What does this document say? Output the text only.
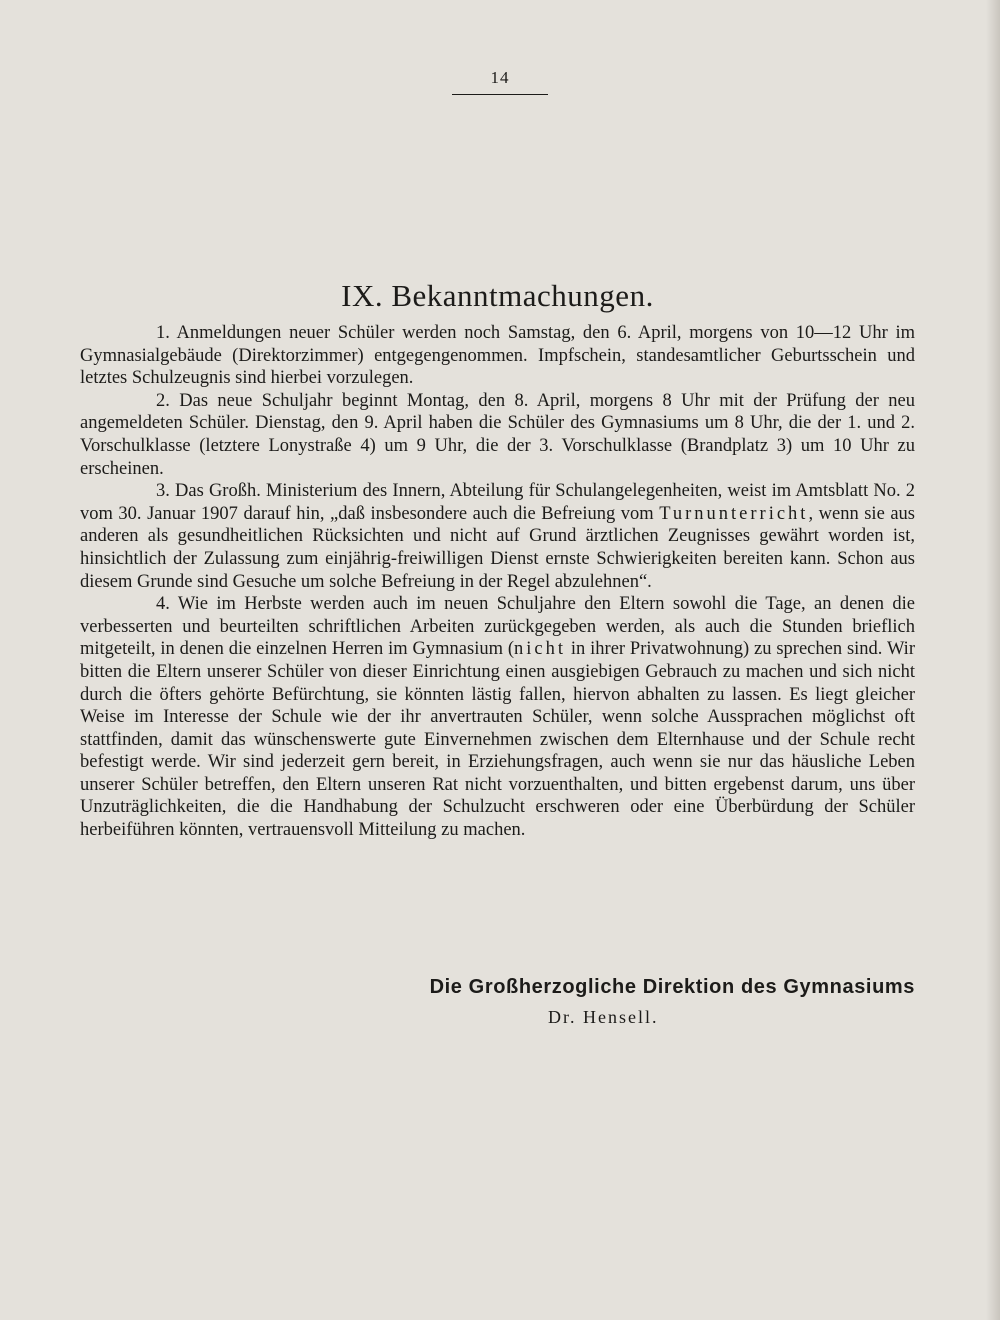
14
IX. Bekanntmachungen.

1. Anmeldungen neuer Schüler werden noch Samstag, den 6. April, morgens von 10—12 Uhr im Gymnasialgebäude (Direktorzimmer) entgegengenommen. Impfschein, standesamtlicher Geburtsschein und letztes Schulzeugnis sind hierbei vorzulegen.

2. Das neue Schuljahr beginnt Montag, den 8. April, morgens 8 Uhr mit der Prüfung der neu angemeldeten Schüler. Dienstag, den 9. April haben die Schüler des Gymnasiums um 8 Uhr, die der 1. und 2. Vorschulklasse (letztere Lonystraße 4) um 9 Uhr, die der 3. Vorschulklasse (Brandplatz 3) um 10 Uhr zu erscheinen.

3. Das Großh. Ministerium des Innern, Abteilung für Schulangelegenheiten, weist im Amtsblatt No. 2 vom 30. Januar 1907 darauf hin, „daß insbesondere auch die Befreiung vom Turnunterricht, wenn sie aus anderen als gesundheitlichen Rücksichten und nicht auf Grund ärztlichen Zeugnisses gewährt worden ist, hinsichtlich der Zulassung zum einjährig-freiwilligen Dienst ernste Schwierigkeiten bereiten kann. Schon aus diesem Grunde sind Gesuche um solche Befreiung in der Regel abzulehnen“.

4. Wie im Herbste werden auch im neuen Schuljahre den Eltern sowohl die Tage, an denen die verbesserten und beurteilten schriftlichen Arbeiten zurückgegeben werden, als auch die Stunden brieflich mitgeteilt, in denen die einzelnen Herren im Gymnasium (nicht in ihrer Privatwohnung) zu sprechen sind. Wir bitten die Eltern unserer Schüler von dieser Einrichtung einen ausgiebigen Gebrauch zu machen und sich nicht durch die öfters gehörte Befürchtung, sie könnten lästig fallen, hiervon abhalten zu lassen. Es liegt gleicher Weise im Interesse der Schule wie der ihr anvertrauten Schüler, wenn solche Aussprachen möglichst oft stattfinden, damit das wünschenswerte gute Einvernehmen zwischen dem Elternhause und der Schule recht befestigt werde. Wir sind jederzeit gern bereit, in Erziehungsfragen, auch wenn sie nur das häusliche Leben unserer Schüler betreffen, den Eltern unseren Rat nicht vorzuenthalten, und bitten ergebenst darum, uns über Unzuträglichkeiten, die die Handhabung der Schulzucht erschweren oder eine Überbürdung der Schüler herbeiführen könnten, vertrauensvoll Mitteilung zu machen.

Die Großherzogliche Direktion des Gymnasiums
Dr. Hensell.
